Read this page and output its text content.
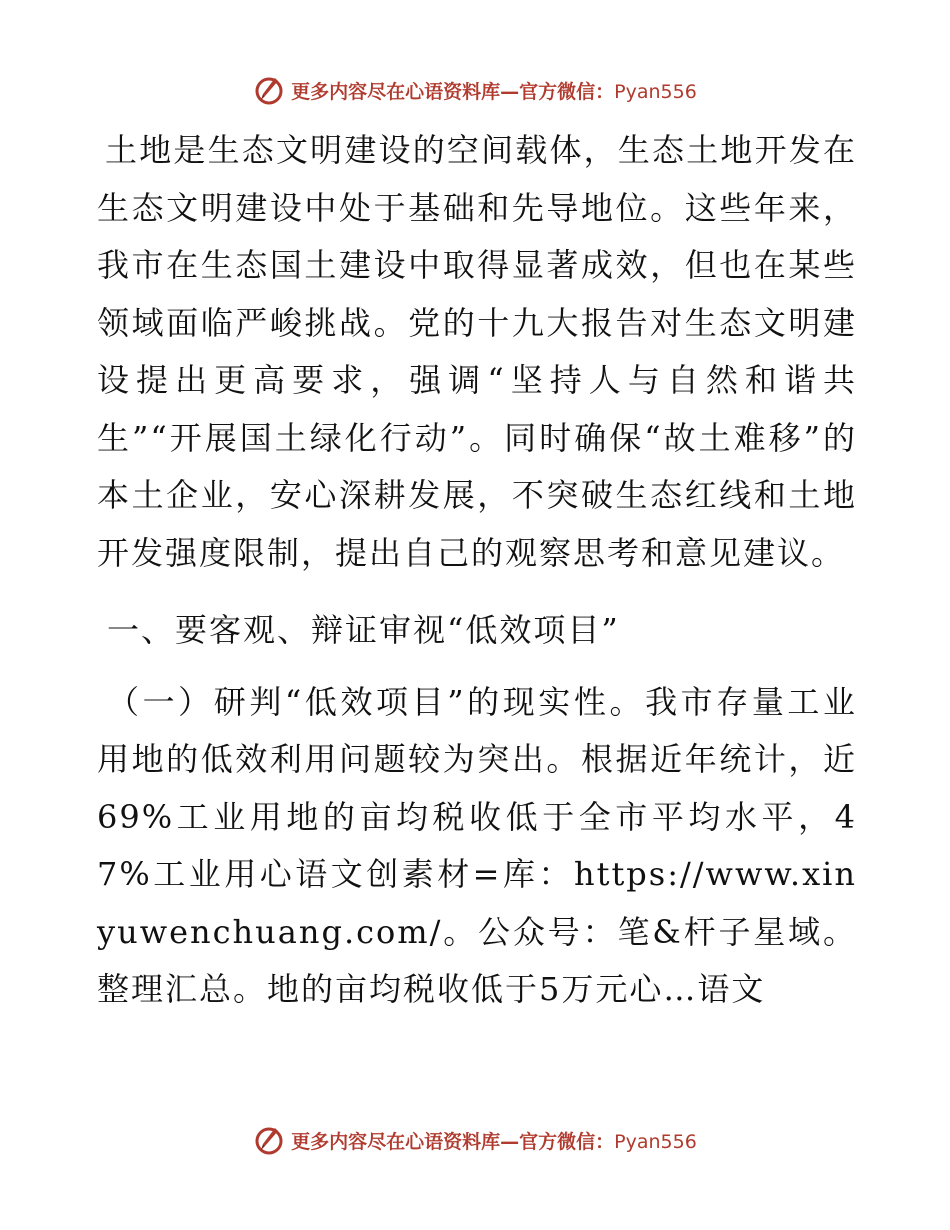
更多内容尽在心语资料库—官方微信：Pyan556

土地是生态文明建设的空间载体，生态土地开发在生态文明建设中处于基础和先导地位。这些年来，我市在生态国土建设中取得显著成效，但也在某些领域面临严峻挑战。党的十九大报告对生态文明建设提出更高要求，强调“坚持人与自然和谐共生”“开展国土绿化行动”。同时确保“故土难移”的本土企业，安心深耕发展，不突破生态红线和土地开发强度限制，提出自己的观察思考和意见建议。

一、要客观、辩证审视“低效项目”

（一）研判“低效项目”的现实性。我市存量工业用地的低效利用问题较为突出。根据近年统计，近69%工业用地的亩均税收低于全市平均水平，47%工业用心语文创素材=库：https://www.xinyuwenchuang.com/。公众号：笔&杆子星域。整理汇总。地的亩均税收低于5万元心…语文

更多内容尽在心语资料库—官方微信：Pyan556
